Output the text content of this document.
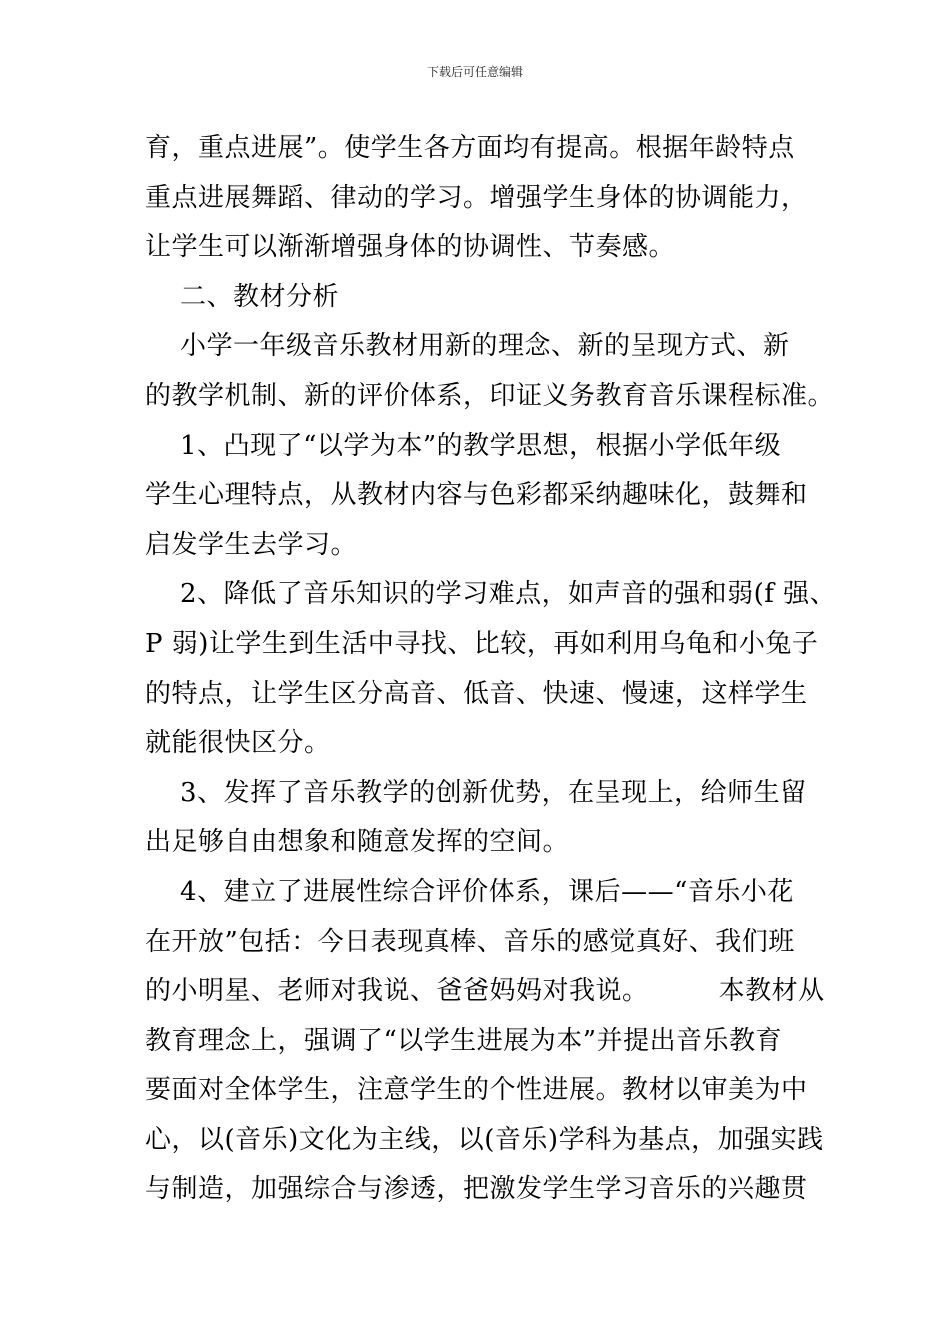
下载后可任意编辑
育，重点进展”。使学生各方面均有提高。根据年龄特点
重点进展舞蹈、律动的学习。增强学生身体的协调能力，
让学生可以渐渐增强身体的协调性、节奏感。
二、教材分析
小学一年级音乐教材用新的理念、新的呈现方式、新
的教学机制、新的评价体系，印证义务教育音乐课程标准。
1、凸现了“以学为本”的教学思想，根据小学低年级
学生心理特点，从教材内容与色彩都采纳趣味化，鼓舞和
启发学生去学习。
2、降低了音乐知识的学习难点，如声音的强和弱(f 强、
P 弱)让学生到生活中寻找、比较，再如利用乌龟和小兔子
的特点，让学生区分高音、低音、快速、慢速，这样学生
就能很快区分。
3、发挥了音乐教学的创新优势，在呈现上，给师生留
出足够自由想象和随意发挥的空间。
4、建立了进展性综合评价体系，课后——“音乐小花
在开放”包括：今日表现真棒、音乐的感觉真好、我们班
的小明星、老师对我说、爸爸妈妈对我说。        本教材从
教育理念上，强调了“以学生进展为本”并提出音乐教育
要面对全体学生，注意学生的个性进展。教材以审美为中
心，以(音乐)文化为主线，以(音乐)学科为基点，加强实践
与制造，加强综合与渗透，把激发学生学习音乐的兴趣贯
